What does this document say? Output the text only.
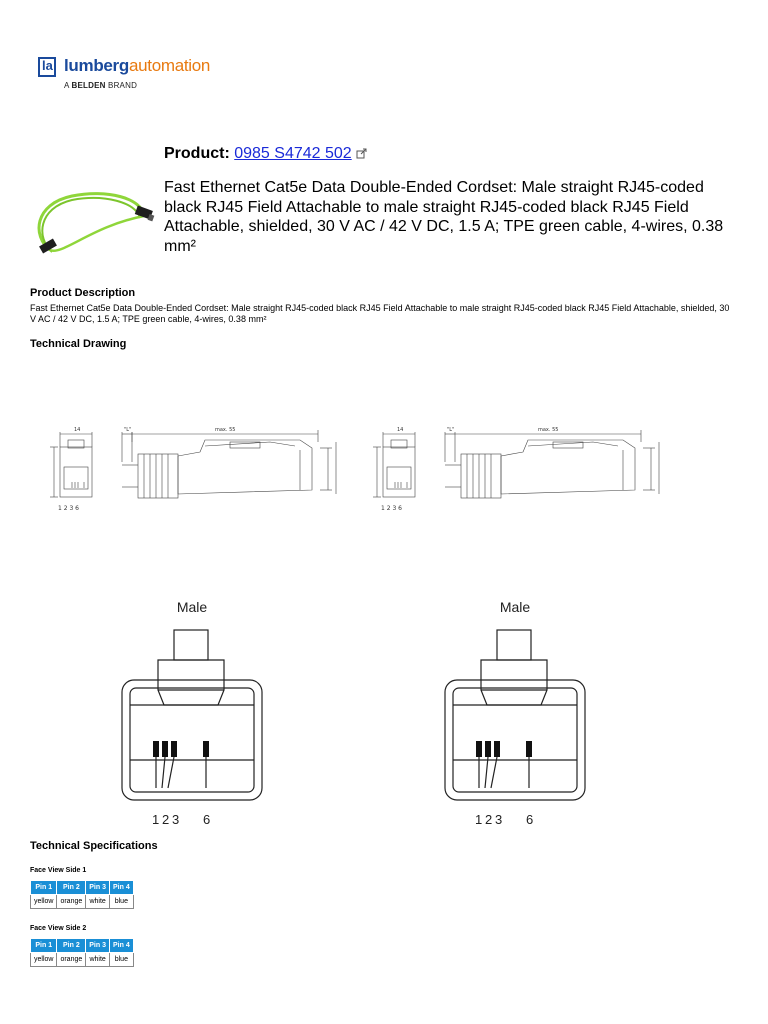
la lumbergautomation
A BELDEN BRAND
Product: 0985 S4742 502
Fast Ethernet Cat5e Data Double-Ended Cordset: Male straight RJ45-coded black RJ45 Field Attachable to male straight RJ45-coded black RJ45 Field Attachable, shielded, 30 V AC / 42 V DC, 1.5 A; TPE green cable, 4-wires, 0.38 mm²
Product Description
Fast Ethernet Cat5e Data Double-Ended Cordset: Male straight RJ45-coded black RJ45 Field Attachable to male straight RJ45-coded black RJ45 Field Attachable, shielded, 30 V AC / 42 V DC, 1.5 A; TPE green cable, 4-wires, 0.38 mm²
Technical Drawing
14	"L"	max. 55
1 2 3 6
14	"L"	max. 55
1 2 3 6
Male
1 2 3 6
Male
1 2 3 6
Technical Specifications
Face View Side 1
Pin 1	Pin 2	Pin 3	Pin 4
yellow	orange	white	blue
Face View Side 2
Pin 1	Pin 2	Pin 3	Pin 4
yellow	orange	white	blue
